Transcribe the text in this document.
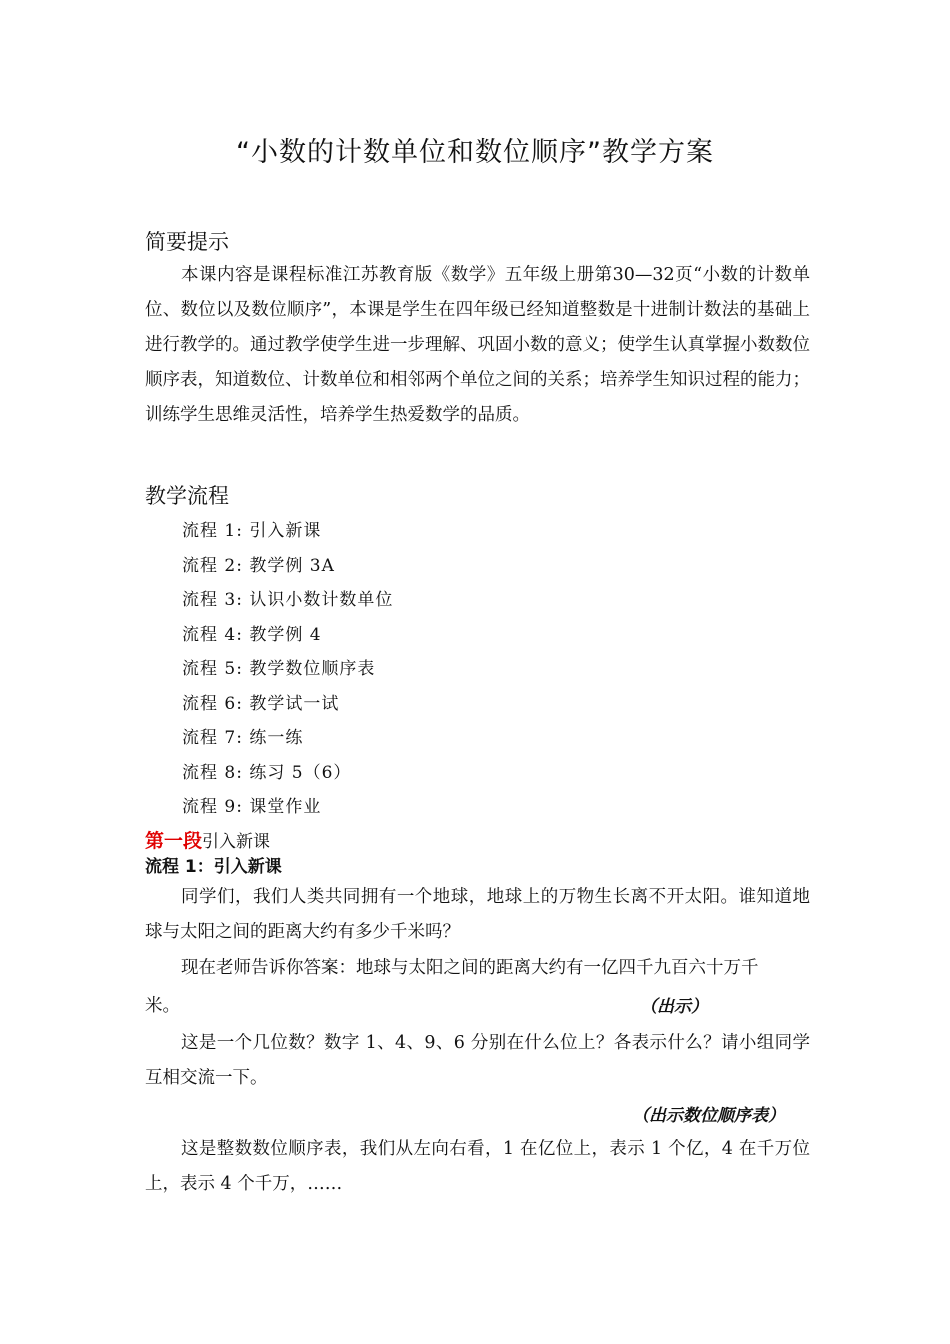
“小数的计数单位和数位顺序”教学方案
简要提示
本课内容是课程标准江苏教育版《数学》五年级上册第30—32页“小数的计数单位、数位以及数位顺序”，本课是学生在四年级已经知道整数是十进制计数法的基础上进行教学的。通过教学使学生进一步理解、巩固小数的意义；使学生认真掌握小数数位顺序表，知道数位、计数单位和相邻两个单位之间的关系；培养学生知识过程的能力；训练学生思维灵活性，培养学生热爱数学的品质。
教学流程
流程 1: 引入新课
流程 2: 教学例 3A
流程 3: 认识小数计数单位
流程 4: 教学例 4
流程 5: 教学数位顺序表
流程 6: 教学试一试
流程 7: 练一练
流程 8: 练习 5（6）
流程 9: 课堂作业
第一段引入新课
流程 1：引入新课
同学们，我们人类共同拥有一个地球，地球上的万物生长离不开太阳。谁知道地球与太阳之间的距离大约有多少千米吗？
现在老师告诉你答案：地球与太阳之间的距离大约有一亿四千九百六十万千
米。	（出示）
这是一个几位数？数字 1、4、9、6 分别在什么位上？各表示什么？请小组同学互相交流一下。
（出示数位顺序表）
这是整数数位顺序表，我们从左向右看，1 在亿位上，表示 1 个亿，4 在千万位上，表示 4 个千万，……
